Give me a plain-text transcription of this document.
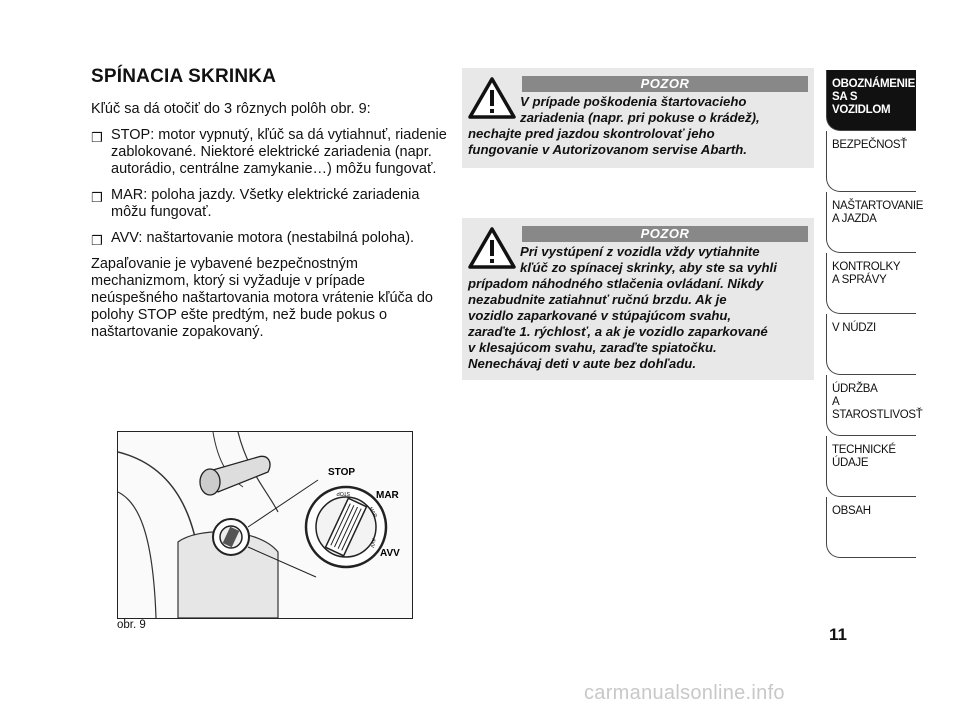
SPÍNACIA SKRINKA

Kľúč sa dá otočiť do 3 rôznych polôh obr. 9:

❒ STOP: motor vypnutý, kľúč sa dá vytiahnuť, riadenie zablokované. Niektoré elektrické zariadenia (napr. autorádio, centrálne zamykanie…) môžu fungovať.
❒ MAR: poloha jazdy. Všetky elektrické zariadenia môžu fungovať.
❒ AVV: naštartovanie motora (nestabilná poloha).

Zapaľovanie je vybavené bezpečnostným mechanizmom, ktorý si vyžaduje v prípade neúspešného naštartovania motora vrátenie kľúča do polohy STOP ešte predtým, než bude pokus o naštartovanie zopakovaný.

STOP
MAR
AVV
STOP
MAR
AVV
obr. 9
POZOR
V prípade poškodenia štartovacieho
zariadenia (napr. pri pokuse o krádež),
nechajte pred jazdou skontrolovať jeho
fungovanie v Autorizovanom servise Abarth.
POZOR
Pri vystúpení z vozidla vždy vytiahnite
kľúč zo spínacej skrinky, aby ste sa vyhli
prípadom náhodného stlačenia ovládaní. Nikdy
nezabudnite zatiahnuť ručnú brzdu. Ak je
vozidlo zaparkované v stúpajúcom svahu,
zaraďte 1. rýchlosť, a ak je vozidlo zaparkované
v klesajúcom svahu, zaraďte spiatočku.
Nenechávaj deti v aute bez dohľadu.
OBOZNÁMENIE
SA S VOZIDLOM
BEZPEČNOSŤ
NAŠTARTOVANIE
A JAZDA
KONTROLKY
A SPRÁVY
V NÚDZI
ÚDRŽBA
A STAROSTLIVOSŤ
TECHNICKÉ
ÚDAJE
OBSAH
11
carmanualsonline.info
